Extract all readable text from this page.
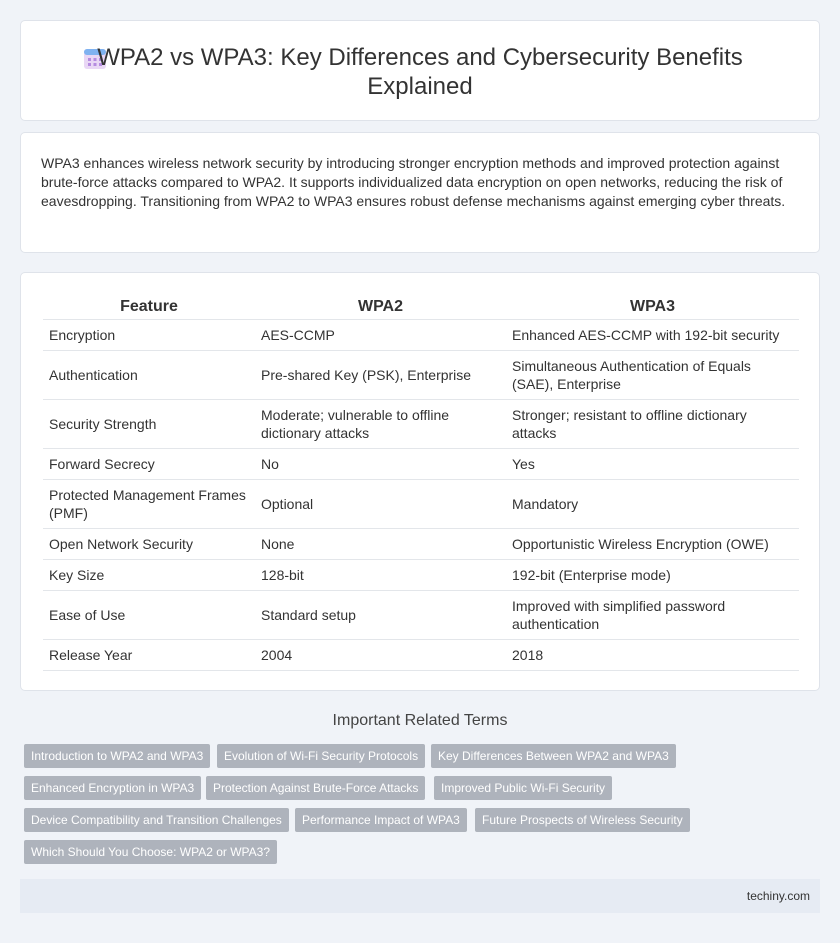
WPA2 vs WPA3: Key Differences and Cybersecurity Benefits
Explained

WPA3 enhances wireless network security by introducing stronger encryption methods and improved protection against brute-force attacks compared to WPA2. It supports individualized data encryption on open networks, reducing the risk of eavesdropping. Transitioning from WPA2 to WPA3 ensures robust defense mechanisms against emerging cyber threats.

Feature	WPA2	WPA3
Encryption	AES-CCMP	Enhanced AES-CCMP with 192-bit security
Authentication	Pre-shared Key (PSK), Enterprise	Simultaneous Authentication of Equals (SAE), Enterprise
Security Strength	Moderate; vulnerable to offline dictionary attacks	Stronger; resistant to offline dictionary attacks
Forward Secrecy	No	Yes
Protected Management Frames (PMF)	Optional	Mandatory
Open Network Security	None	Opportunistic Wireless Encryption (OWE)
Key Size	128-bit	192-bit (Enterprise mode)
Ease of Use	Standard setup	Improved with simplified password authentication
Release Year	2004	2018
Important Related Terms
Introduction to WPA2 and WPA3	Evolution of Wi-Fi Security Protocols	Key Differences Between WPA2 and WPA3
Enhanced Encryption in WPA3	Protection Against Brute-Force Attacks	Improved Public Wi-Fi Security
Device Compatibility and Transition Challenges	Performance Impact of WPA3	Future Prospects of Wireless Security
Which Should You Choose: WPA2 or WPA3?
techiny.com
